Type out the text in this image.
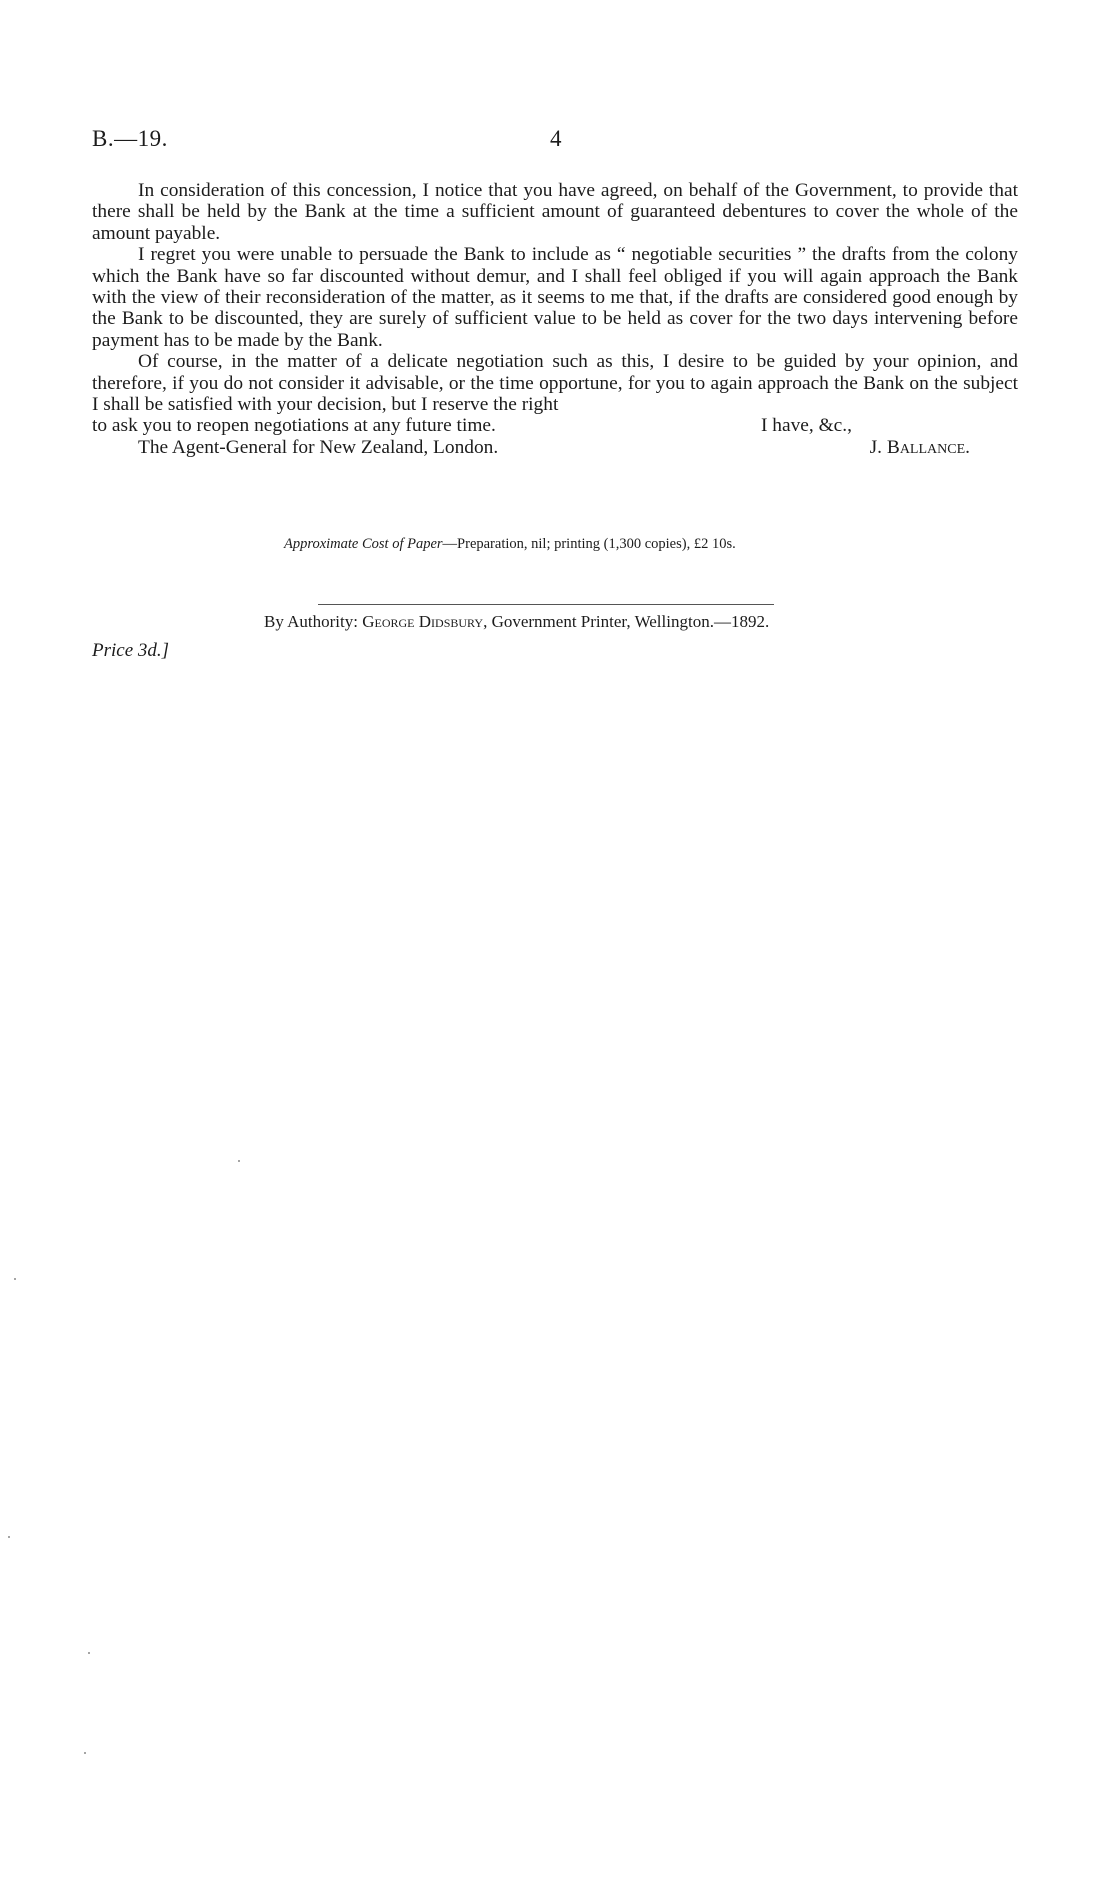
B.—19.	4

In consideration of this concession, I notice that you have agreed, on behalf of the Government, to provide that there shall be held by the Bank at the time a sufficient amount of guaranteed debentures to cover the whole of the amount payable.

I regret you were unable to persuade the Bank to include as “ negotiable securities ” the drafts from the colony which the Bank have so far discounted without demur, and I shall feel obliged if you will again approach the Bank with the view of their reconsideration of the matter, as it seems to me that, if the drafts are considered good enough by the Bank to be discounted, they are surely of sufficient value to be held as cover for the two days intervening before payment has to be made by the Bank.

Of course, in the matter of a delicate negotiation such as this, I desire to be guided by your opinion, and therefore, if you do not consider it advisable, or the time opportune, for you to again approach the Bank on the subject I shall be satisfied with your decision, but I reserve the right

to ask you to reopen negotiations at any future time.	I have, &c.,
The Agent-General for New Zealand, London.	J. Ballance.
Approximate Cost of Paper—Preparation, nil; printing (1,300 copies), £2 10s.
By Authority: George Didsbury, Government Printer, Wellington.—1892.
Price 3d.]
